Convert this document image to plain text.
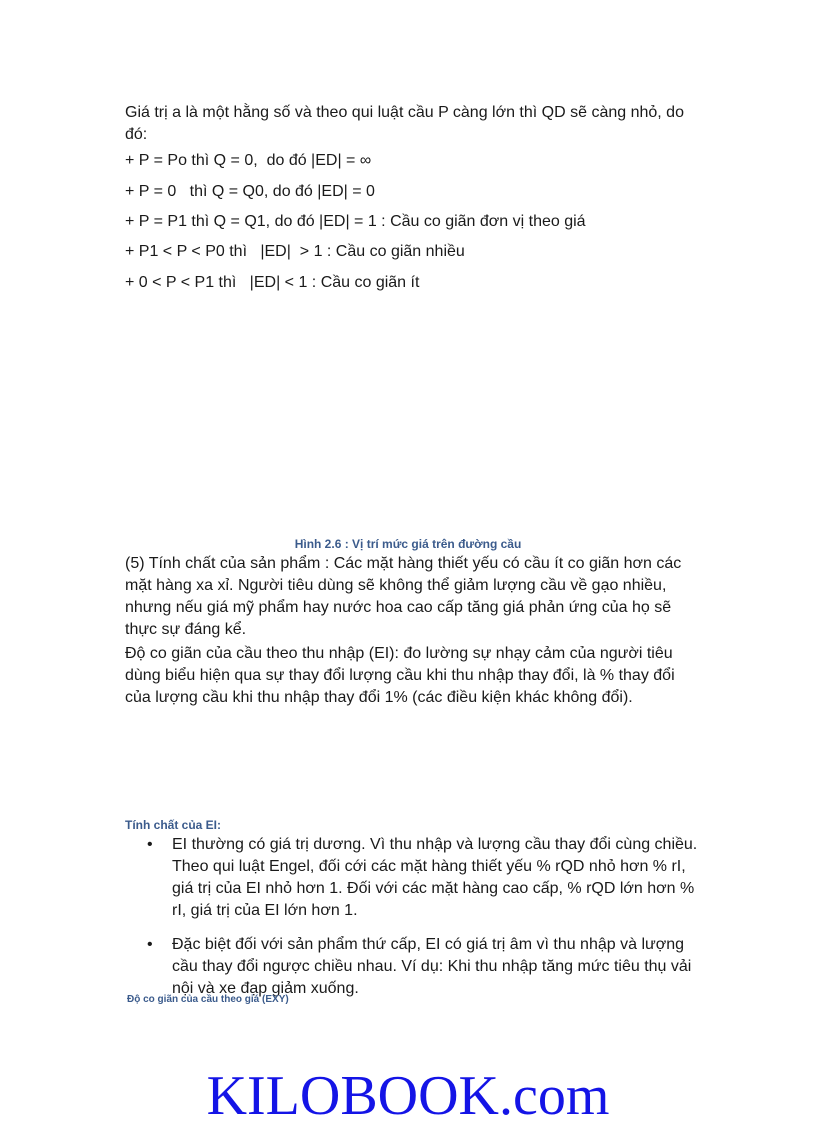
Giá trị a là một hằng số và theo qui luật cầu P càng lớn thì QD sẽ càng nhỏ, do đó:

+ P = Po thì Q = 0,  do đó |ED| = ∞

+ P = 0   thì Q = Q0, do đó |ED| = 0

+ P = P1 thì Q = Q1, do đó |ED| = 1 : Cầu co giãn đơn vị theo giá

+ P1 < P < P0 thì   |ED|  > 1 : Cầu co giãn nhiều

+ 0 < P < P1 thì   |ED| < 1 : Cầu co giãn ít

Hình 2.6 : Vị trí mức giá trên đường cầu

(5) Tính chất của sản phẩm : Các mặt hàng thiết yếu có cầu ít co giãn hơn các mặt hàng xa xỉ. Người tiêu dùng sẽ không thể giảm lượng cầu về gạo nhiều, nhưng nếu giá mỹ phẩm hay nước hoa cao cấp tăng giá phản ứng của họ sẽ thực sự đáng kể.

Độ co giãn của cầu theo thu nhập (EI): đo lường sự nhạy cảm của người tiêu dùng biểu hiện qua sự thay đổi lượng cầu khi thu nhập thay đổi, là % thay đổi của lượng cầu khi thu nhập thay đổi 1% (các điều kiện khác không đổi).

Tính chất của EI:

• EI thường có giá trị dương. Vì thu nhập và lượng cầu thay đổi cùng chiều. Theo qui luật Engel, đối cới các mặt hàng thiết yếu % rQD nhỏ hơn % rI, giá trị của EI nhỏ hơn 1. Đối với các mặt hàng cao cấp, % rQD lớn hơn % rI, giá trị của EI lớn hơn 1.
• Đặc biệt đối với sản phẩm thứ cấp, EI có giá trị âm vì thu nhập và lượng cầu thay đổi ngược chiều nhau. Ví dụ: Khi thu nhập tăng mức tiêu thụ vải nội và xe đạp giảm xuống.

Độ co giãn của cầu theo giá (EXY)

KILOBOOK.com
